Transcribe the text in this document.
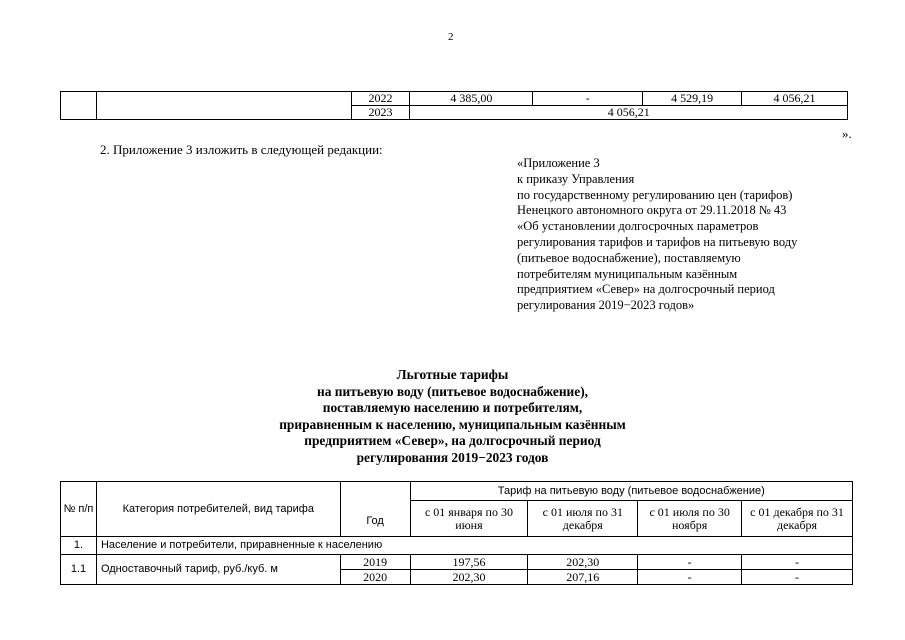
2
		2022	4 385,00	-	4 529,19	4 056,21
		2023	4 056,21			
».
2. Приложение 3 изложить в следующей редакции:
«Приложение 3
к приказу Управления
по государственному регулированию цен (тарифов)
Ненецкого автономного округа от 29.11.2018 № 43
«Об установлении долгосрочных параметров
регулирования тарифов и тарифов на питьевую воду
(питьевое водоснабжение), поставляемую
потребителям муниципальным казённым
предприятием «Север» на долгосрочный период
регулирования 2019−2023 годов»
Льготные тарифы
на питьевую воду (питьевое водоснабжение),
поставляемую населению и потребителям,
приравненным к населению, муниципальным казённым
предприятием «Север», на долгосрочный период
регулирования 2019−2023 годов
№ п/п	Категория потребителей, вид тарифа	Год	Тариф на питьевую воду (питьевое водоснабжение)			
			с 01 января по 30 июня	с 01 июля по 31 декабря	с 01 июля по 30 ноября	с 01 декабря по 31 декабря
1.	Население и потребители, приравненные к населению					
1.1	Одноставочный тариф, руб./куб. м	2019	197,56	202,30	-	-
		2020	202,30	207,16	-	-
